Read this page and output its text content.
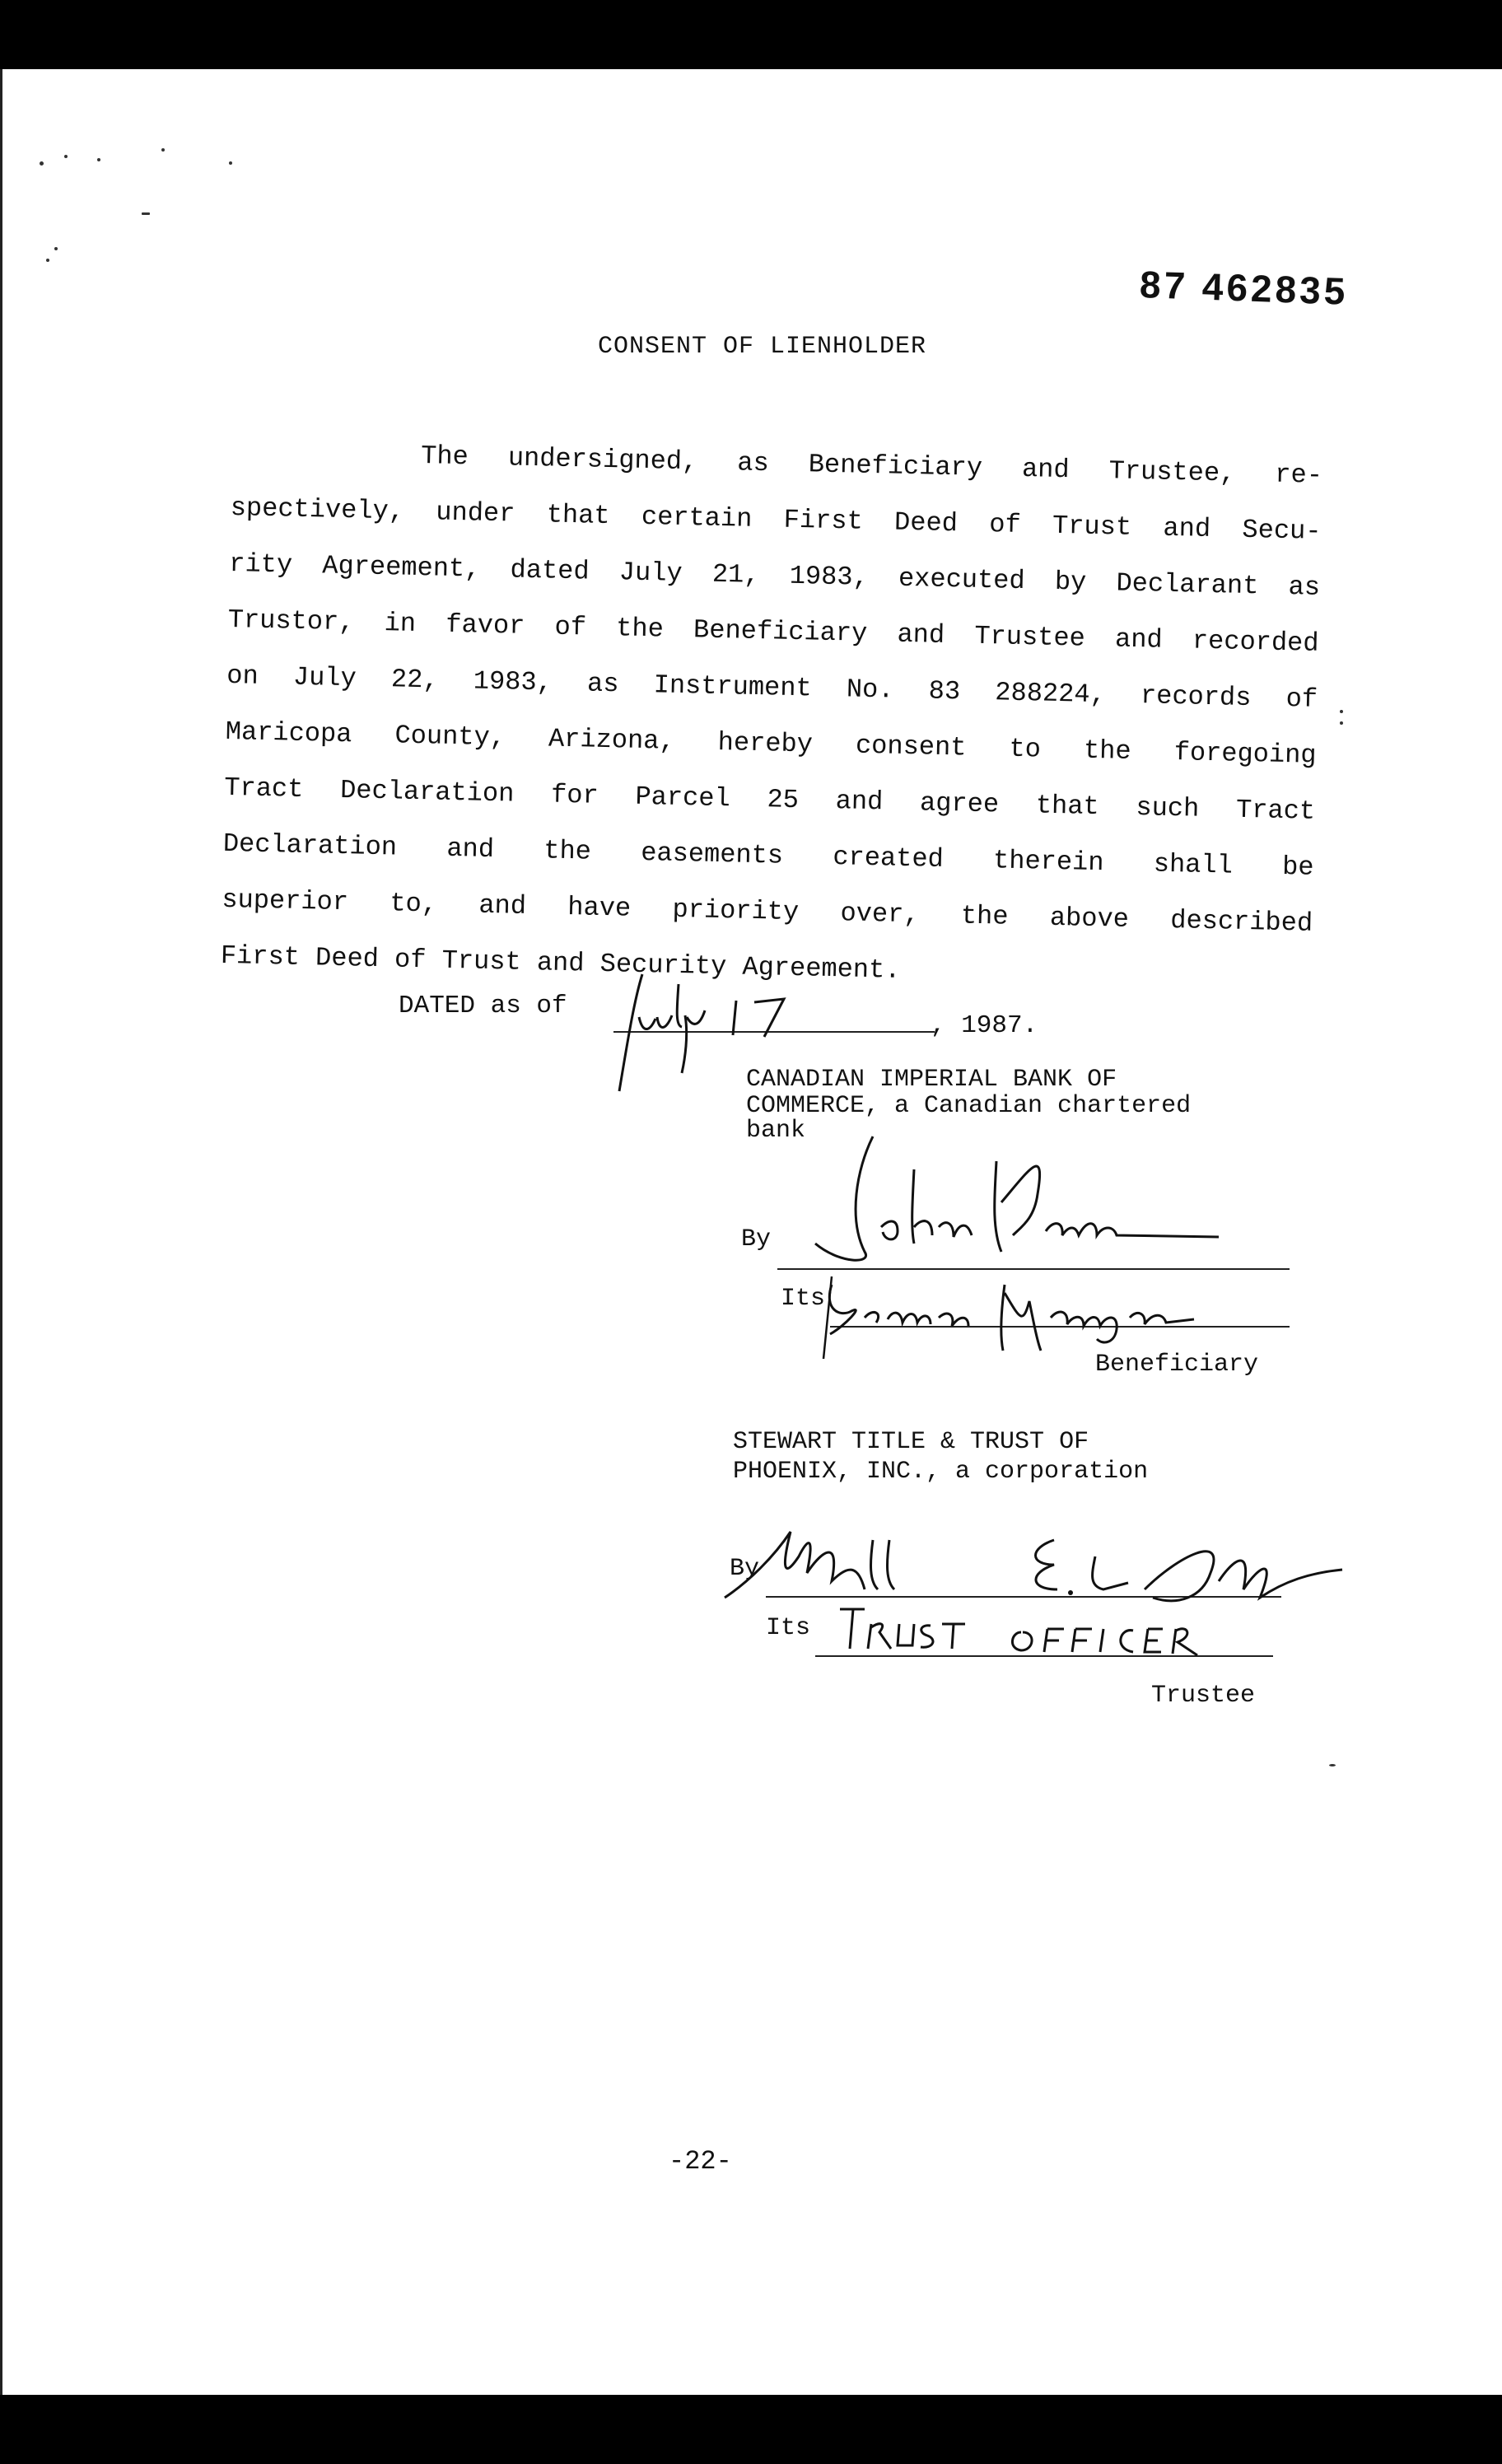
87 462835
CONSENT OF LIENHOLDER
The undersigned, as Beneficiary and Trustee, re-
spectively, under that certain First Deed of Trust and Secu-
rity Agreement, dated July 21, 1983, executed by Declarant as
Trustor, in favor of the Beneficiary and Trustee and recorded
on July 22, 1983, as Instrument No. 83 288224, records of
Maricopa County, Arizona, hereby consent to the foregoing
Tract Declaration for Parcel 25 and agree that such Tract
Declaration and the easements created therein shall be
superior to, and have priority over, the above described
First Deed of Trust and Security Agreement.
DATED as of
, 1987.
CANADIAN IMPERIAL BANK OF
COMMERCE, a Canadian chartered
bank
By
Its
Beneficiary
STEWART TITLE & TRUST OF
PHOENIX, INC., a corporation
By
Its
Trustee
-22-
